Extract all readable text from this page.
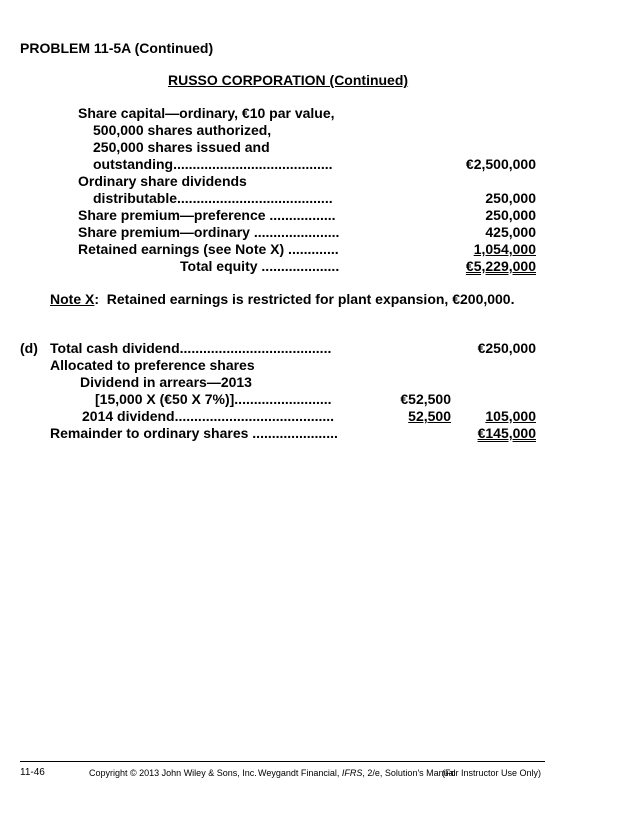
PROBLEM 11-5A (Continued)
RUSSO CORPORATION (Continued)
Share capital—ordinary, €10 par value,
500,000 shares authorized,
250,000 shares issued and
outstanding.........................................	€2,500,000
Ordinary share dividends
distributable........................................	250,000
Share premium—preference .................	250,000
Share premium—ordinary ......................	425,000
Retained earnings (see Note X) .............	1,054,000
Total equity ....................	€5,229,000
Note X:  Retained earnings is restricted for plant expansion, €200,000.
(d) Total cash dividend.......................................	€250,000
Allocated to preference shares
Dividend in arrears—2013
[15,000 X (€50 X 7%)].........................	€52,500
2014 dividend.........................................	52,500	105,000
Remainder to ordinary shares ......................	€145,000
11-46	Copyright © 2013 John Wiley & Sons, Inc. Weygandt Financial, IFRS, 2/e, Solution's Manual
(For Instructor Use Only)
